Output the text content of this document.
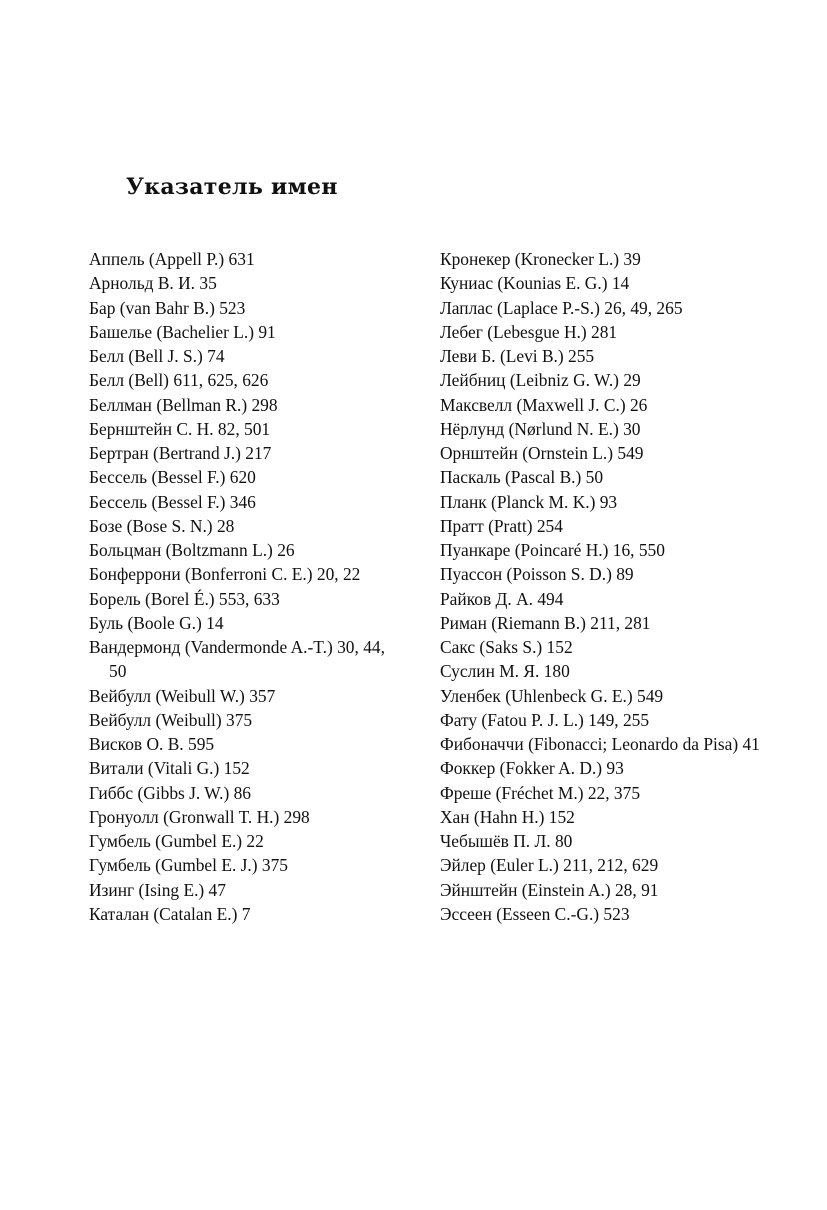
Указатель имен
Аппель (Appell P.) 631
Арнольд В. И. 35
Бар (van Bahr B.) 523
Башелье (Bachelier L.) 91
Белл (Bell J. S.) 74
Белл (Bell) 611, 625, 626
Беллман (Bellman R.) 298
Бернштейн С. Н. 82, 501
Бертран (Bertrand J.) 217
Бессель (Bessel F.) 620
Бессель (Bessel F.) 346
Бозе (Bose S. N.) 28
Больцман (Boltzmann L.) 26
Бонферрони (Bonferroni C. E.) 20, 22
Борель (Borel É.) 553, 633
Буль (Boole G.) 14
Вандермонд (Vandermonde A.-T.) 30, 44, 50
Вейбулл (Weibull W.) 357
Вейбулл (Weibull) 375
Висков О. В. 595
Витали (Vitali G.) 152
Гиббс (Gibbs J. W.) 86
Гронуолл (Gronwall T. H.) 298
Гумбель (Gumbel E.) 22
Гумбель (Gumbel E. J.) 375
Изинг (Ising E.) 47
Каталан (Catalan E.) 7
Кронекер (Kronecker L.) 39
Куниас (Kounias E. G.) 14
Лаплас (Laplace P.-S.) 26, 49, 265
Лебег (Lebesgue H.) 281
Леви Б. (Levi B.) 255
Лейбниц (Leibniz G. W.) 29
Максвелл (Maxwell J. C.) 26
Нёрлунд (Nørlund N. E.) 30
Орнштейн (Ornstein L.) 549
Паскаль (Pascal B.) 50
Планк (Planck M. K.) 93
Пратт (Pratt) 254
Пуанкаре (Poincaré H.) 16, 550
Пуассон (Poisson S. D.) 89
Райков Д. А. 494
Риман (Riemann B.) 211, 281
Сакс (Saks S.) 152
Суслин М. Я. 180
Уленбек (Uhlenbeck G. E.) 549
Фату (Fatou P. J. L.) 149, 255
Фибоначчи (Fibonacci; Leonardo da Pisa) 41
Фоккер (Fokker A. D.) 93
Фреше (Fréchet M.) 22, 375
Хан (Hahn H.) 152
Чебышёв П. Л. 80
Эйлер (Euler L.) 211, 212, 629
Эйнштейн (Einstein A.) 28, 91
Эссеен (Esseen C.-G.) 523
